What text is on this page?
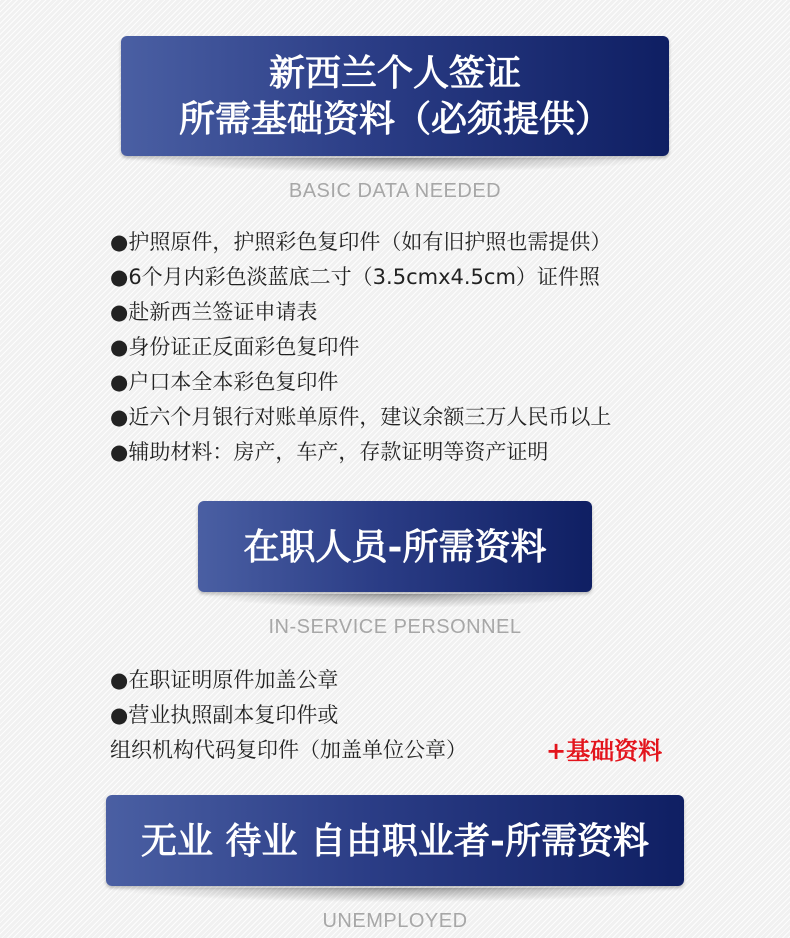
新西兰个人签证
所需基础资料（必须提供）
BASIC DATA NEEDED
●护照原件，护照彩色复印件（如有旧护照也需提供）
●6个月内彩色淡蓝底二寸（3.5cmx4.5cm）证件照
●赴新西兰签证申请表
●身份证正反面彩色复印件
●户口本全本彩色复印件
●近六个月银行对账单原件，建议余额三万人民币以上
●辅助材料：房产，车产，存款证明等资产证明
在职人员-所需资料
IN-SERVICE PERSONNEL
●在职证明原件加盖公章
●营业执照副本复印件或
组织机构代码复印件（加盖单位公章）	+基础资料
无业 待业 自由职业者-所需资料
UNEMPLOYED
